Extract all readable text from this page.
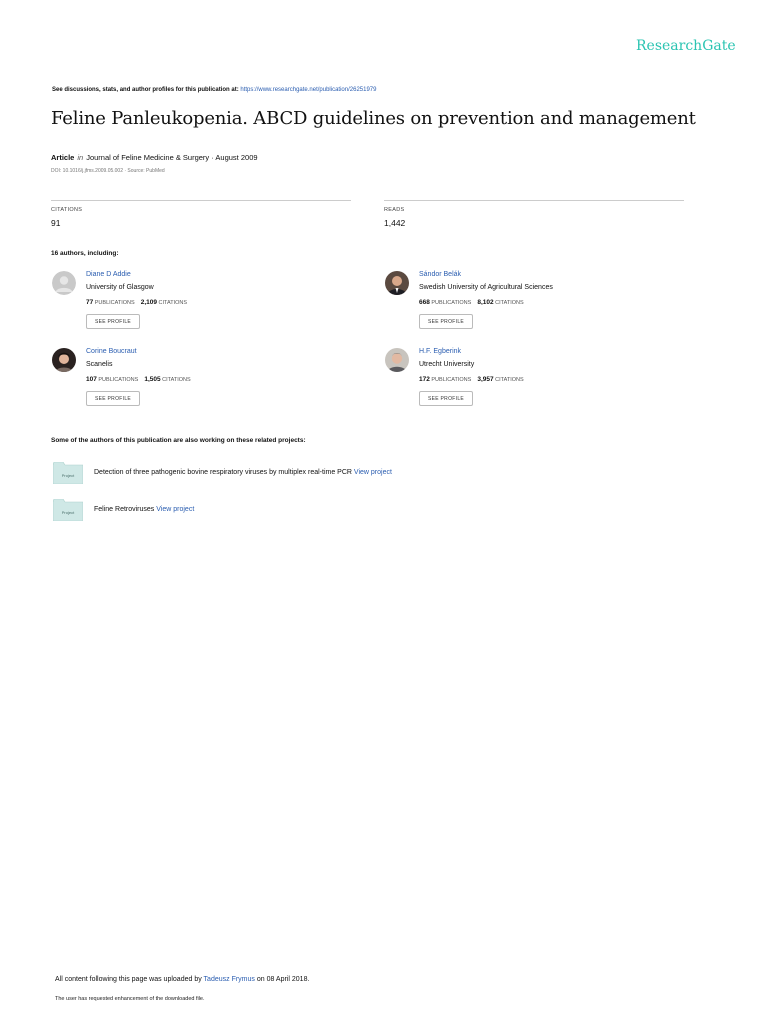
ResearchGate
See discussions, stats, and author profiles for this publication at: https://www.researchgate.net/publication/26251979
Feline Panleukopenia. ABCD guidelines on prevention and management
Article in Journal of Feline Medicine & Surgery · August 2009
DOI: 10.1016/j.jfms.2009.05.002 · Source: PubMed
CITATIONS
91
READS
1,442
16 authors, including:
Diane D Addie
University of Glasgow
77 PUBLICATIONS 2,109 CITATIONS
SEE PROFILE
Sándor Belák
Swedish University of Agricultural Sciences
668 PUBLICATIONS 8,102 CITATIONS
SEE PROFILE
Corine Boucraut
Scanelis
107 PUBLICATIONS 1,505 CITATIONS
SEE PROFILE
H.F. Egberink
Utrecht University
172 PUBLICATIONS 3,957 CITATIONS
SEE PROFILE
Some of the authors of this publication are also working on these related projects:
Project	Detection of three pathogenic bovine respiratory viruses by multiplex real-time PCR View project
Project	Feline Retroviruses View project
All content following this page was uploaded by Tadeusz Frymus on 08 April 2018.
The user has requested enhancement of the downloaded file.
